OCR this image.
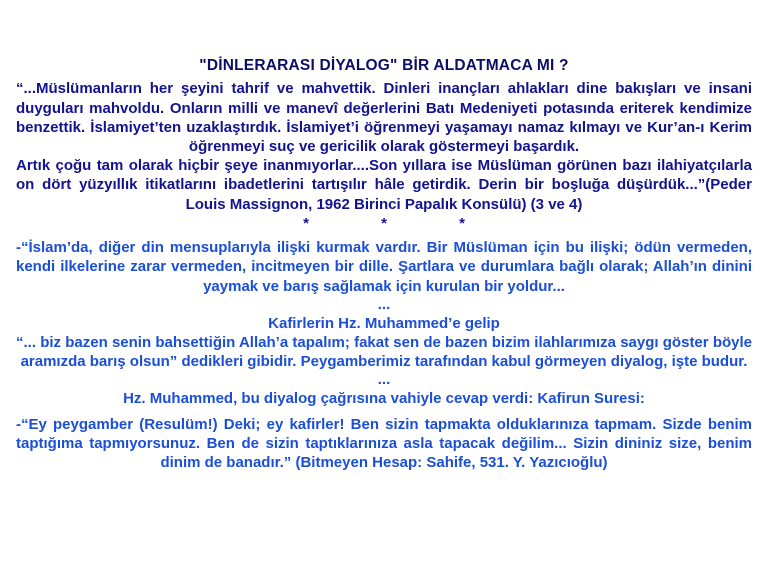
"DİNLERARASI DİYALOG" BİR ALDATMACA MI ?

“...Müslümanların her şeyini tahrif ve mahvettik. Dinleri inançları ahlakları dine bakışları ve insani duyguları mahvoldu. Onların milli ve manevî değerlerini Batı Medeniyeti potasında eriterek kendimize benzettik. İslamiyet’ten uzaklaştırdık. İslamiyet’i öğrenmeyi yaşamayı namaz kılmayı ve Kur’an-ı Kerim öğrenmeyi suç ve gericilik olarak göstermeyi başardık.

Artık çoğu tam olarak hiçbir şeye inanmıyorlar....Son yıllara ise Müslüman görünen bazı ilahiyatçılarla on dört yüzyıllık itikatlarını ibadetlerini tartışılır hâle getirdik. Derin bir boşluğa düşürdük...”(Peder Louis Massignon, 1962 Birinci Papalık Konsülü) (3 ve 4)

* * *

-“İslam’da, diğer din mensuplarıyla ilişki kurmak vardır. Bir Müslüman için bu ilişki; ödün vermeden, kendi ilkelerine zarar vermeden, incitmeyen bir dille. Şartlara ve durumlara bağlı olarak; Allah’ın dinini yaymak ve barış sağlamak için kurulan bir yoldur...

...

Kafirlerin Hz. Muhammed’e gelip

“... biz bazen senin bahsettiğin Allah’a tapalım; fakat sen de bazen bizim ilahlarımıza saygı göster böyle aramızda barış olsun” dedikleri gibidir. Peygamberimiz tarafından kabul görmeyen diyalog, işte budur.

...

Hz. Muhammed, bu diyalog çağrısına vahiyle cevap verdi: Kafirun Suresi:

-“Ey peygamber (Resulüm!) Deki; ey kafirler! Ben sizin tapmakta olduklarınıza tapmam. Sizde benim taptığıma tapmıyorsunuz. Ben de sizin taptıklarınıza asla tapacak değilim... Sizin dininiz size, benim dinim de banadır.” (Bitmeyen Hesap: Sahife, 531. Y. Yazıcıoğlu)
